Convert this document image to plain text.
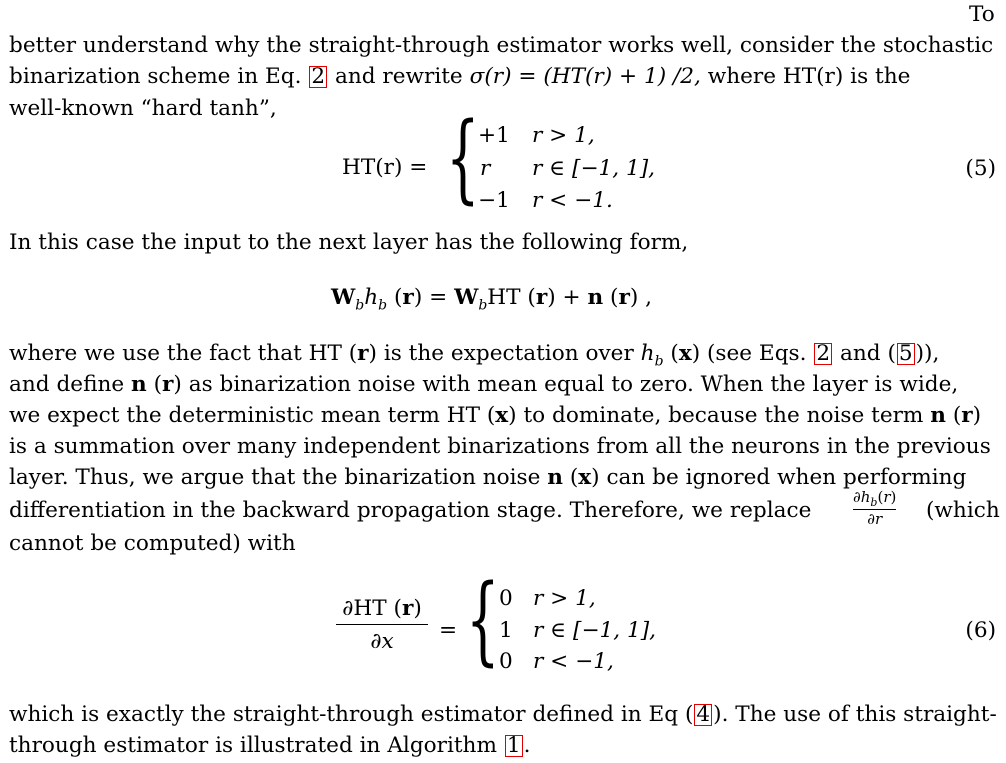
To
better understand why the straight-through estimator works well, consider the stochastic
binarization scheme in Eq. 2 and rewrite σ(r) = (HT(r) + 1) /2, where HT(r) is the
well-known “hard tanh”,
HT(r) = {
+1 r > 1,
r r ∈ [−1, 1],
−1 r < −1.
(5)
In this case the input to the next layer has the following form,
$W_bh_b$ $(r) = W_bHT$ (r) + n (r) ,
where we use the fact that HT (r) is the expectation over $h_b$ (x) (see Eqs. 2 and ( 5 )),
and define n (r) as binarization noise with mean equal to zero. When the layer is wide,
we expect the deterministic mean term HT (x) to dominate, because the noise term n (r)
is a summation over many independent binarizations from all the neurons in the previous
layer. Thus, we argue that the binarization noise n (x) can be ignored when performing
differentiation in the backward propagation stage. Therefore, we replace	$\frac{\partial h_b(r)}{\partial r}$ (which
cannot be computed) with
$\frac{\partial HT (r)}{\partial x}$ = { 0 r > 1,
1 r ∈ [−1, 1],
0 r < −1,
(6)
which is exactly the straight-through estimator defined in Eq ( 4 ). The use of this straight-
through estimator is illustrated in Algorithm 1 .
